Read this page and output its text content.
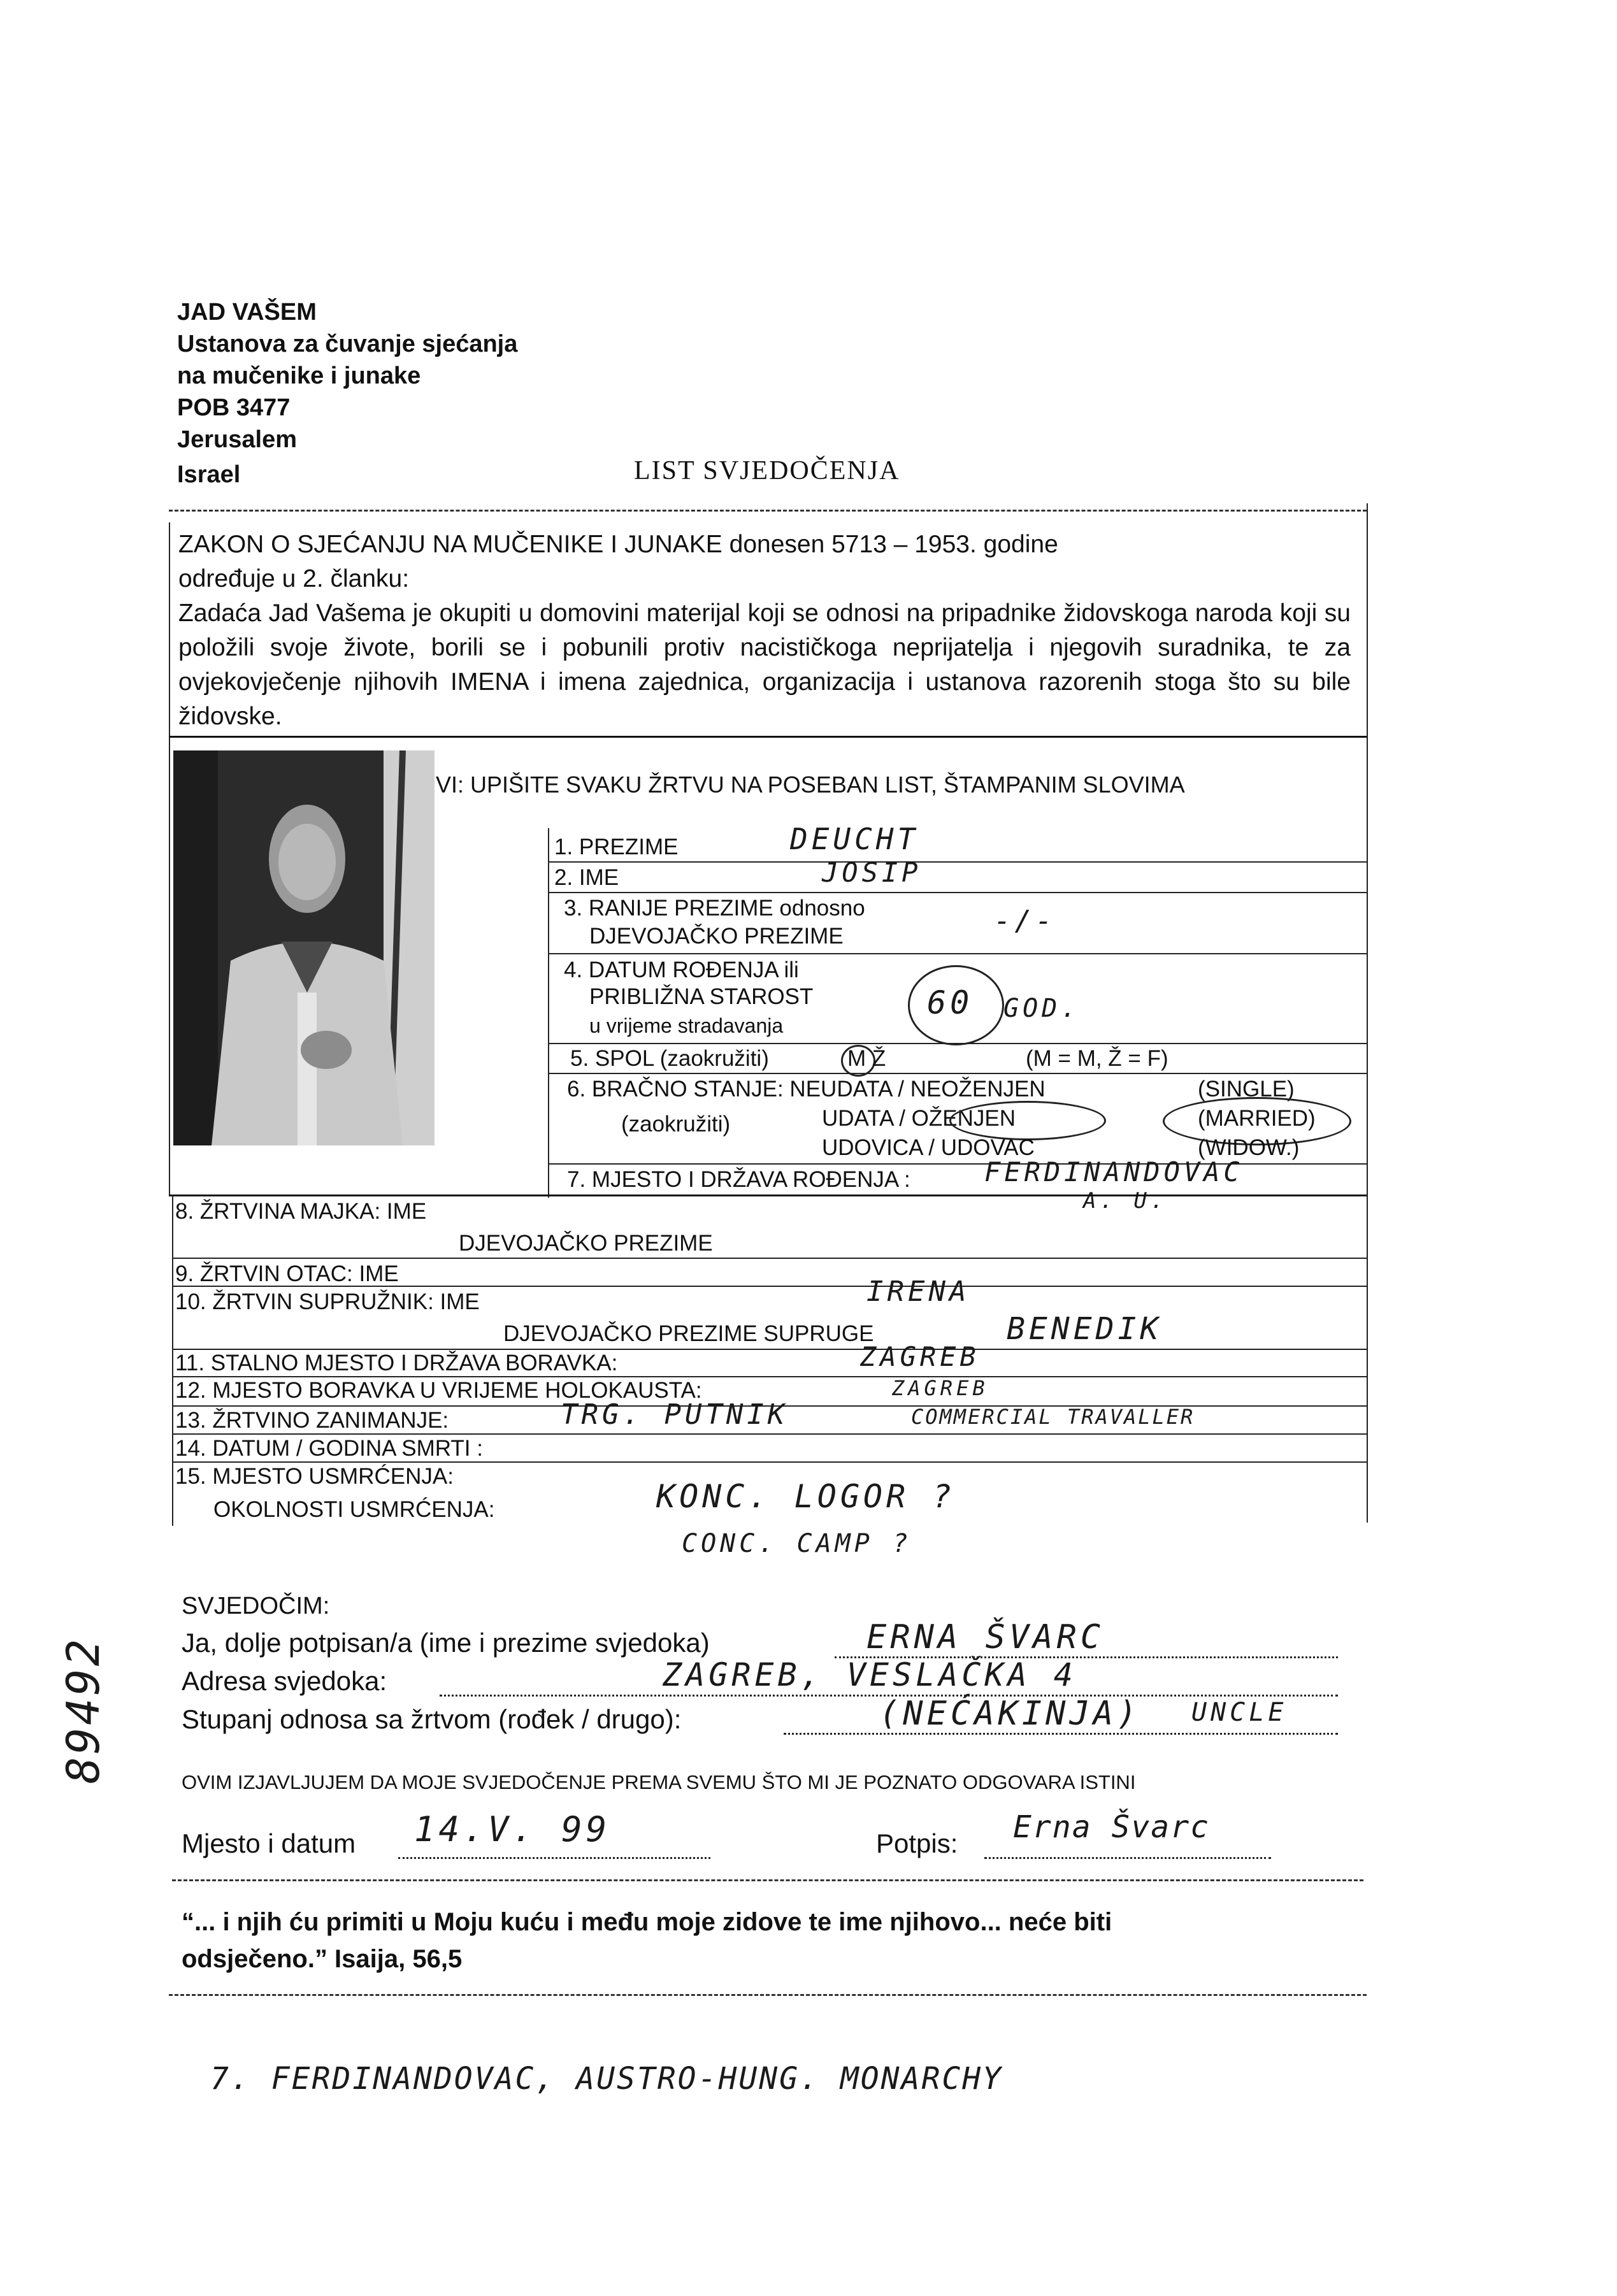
JAD VAŠEM
Ustanova za čuvanje sjećanja
na mučenike i junake
POB 3477
Jerusalem
Israel	LIST SVJEDOČENJA
ZAKON O SJEĆANJU NA MUČENIKE I JUNAKE donesen 5713 – 1953. godine
određuje u 2. članku:
Zadaća Jad Vašema je okupiti u domovini materijal koji se odnosi na pripadnike židovskoga naroda koji su položili svoje živote, borili se i pobunili protiv nacističkoga neprijatelja i njegovih suradnika, te za ovjekovječenje njihovih IMENA i imena zajednica, organizacija i ustanova razorenih stoga što su bile židovske.
VI: UPIŠITE SVAKU ŽRTVU NA POSEBAN LIST, ŠTAMPANIM SLOVIMA
1. PREZIME	DEUCHT
2. IME	JOSIP
3. RANIJE PREZIME odnosno
DJEVOJAČKO PREZIME	-/-
4. DATUM ROĐENJA ili
PRIBLIŽNA STAROST
u vrijeme stradavanja
60 GOD.
5. SPOL (zaokružiti)	M Ž	(M = M, Ž = F)
6. BRAČNO STANJE: NEUDATA / NEOŽENJEN	(SINGLE)
(zaokružiti)	UDATA / OŽENJEN	(MARRIED)
UDOVICA / UDOVAC	(WIDOW.)
7. MJESTO I DRŽAVA ROĐENJA :	FERDINANDOVAC
A. U.
8. ŽRTVINA MAJKA: IME
DJEVOJAČKO PREZIME
9. ŽRTVIN OTAC: IME
10. ŽRTVIN SUPRUŽNIK: IME	IRENA
DJEVOJAČKO PREZIME SUPRUGE	BENEDIK
11. STALNO MJESTO I DRŽAVA BORAVKA:	ZAGREB
12. MJESTO BORAVKA U VRIJEME HOLOKAUSTA:	ZAGREB
13. ŽRTVINO ZANIMANJE:	TRG. PUTNIK	COMMERCIAL TRAVALLER
14. DATUM / GODINA SMRTI :
15. MJESTO USMRĆENJA:
OKOLNOSTI USMRĆENJA:	KONC. LOGOR ?
CONC. CAMP ?
SVJEDOČIM:
Ja, dolje potpisan/a (ime i prezime svjedoka)	ERNA ŠVARC
Adresa svjedoka:	ZAGREB, VESLAČKA 4
Stupanj odnosa sa žrtvom (rođek / drugo):	(NEĆAKINJA) UNCLE
OVIM IZJAVLJUJEM DA MOJE SVJEDOČENJE PREMA SVEMU ŠTO MI JE POZNATO ODGOVARA ISTINI
Mjesto i datum 14.V. 99	Potpis: Erna Švarc
“... i njih ću primiti u Moju kuću i među moje zidove te ime njihovo... neće biti
odsječeno.” Isaija, 56,5
89492
7. FERDINANDOVAC, AUSTRO-HUNG. MONARCHY
